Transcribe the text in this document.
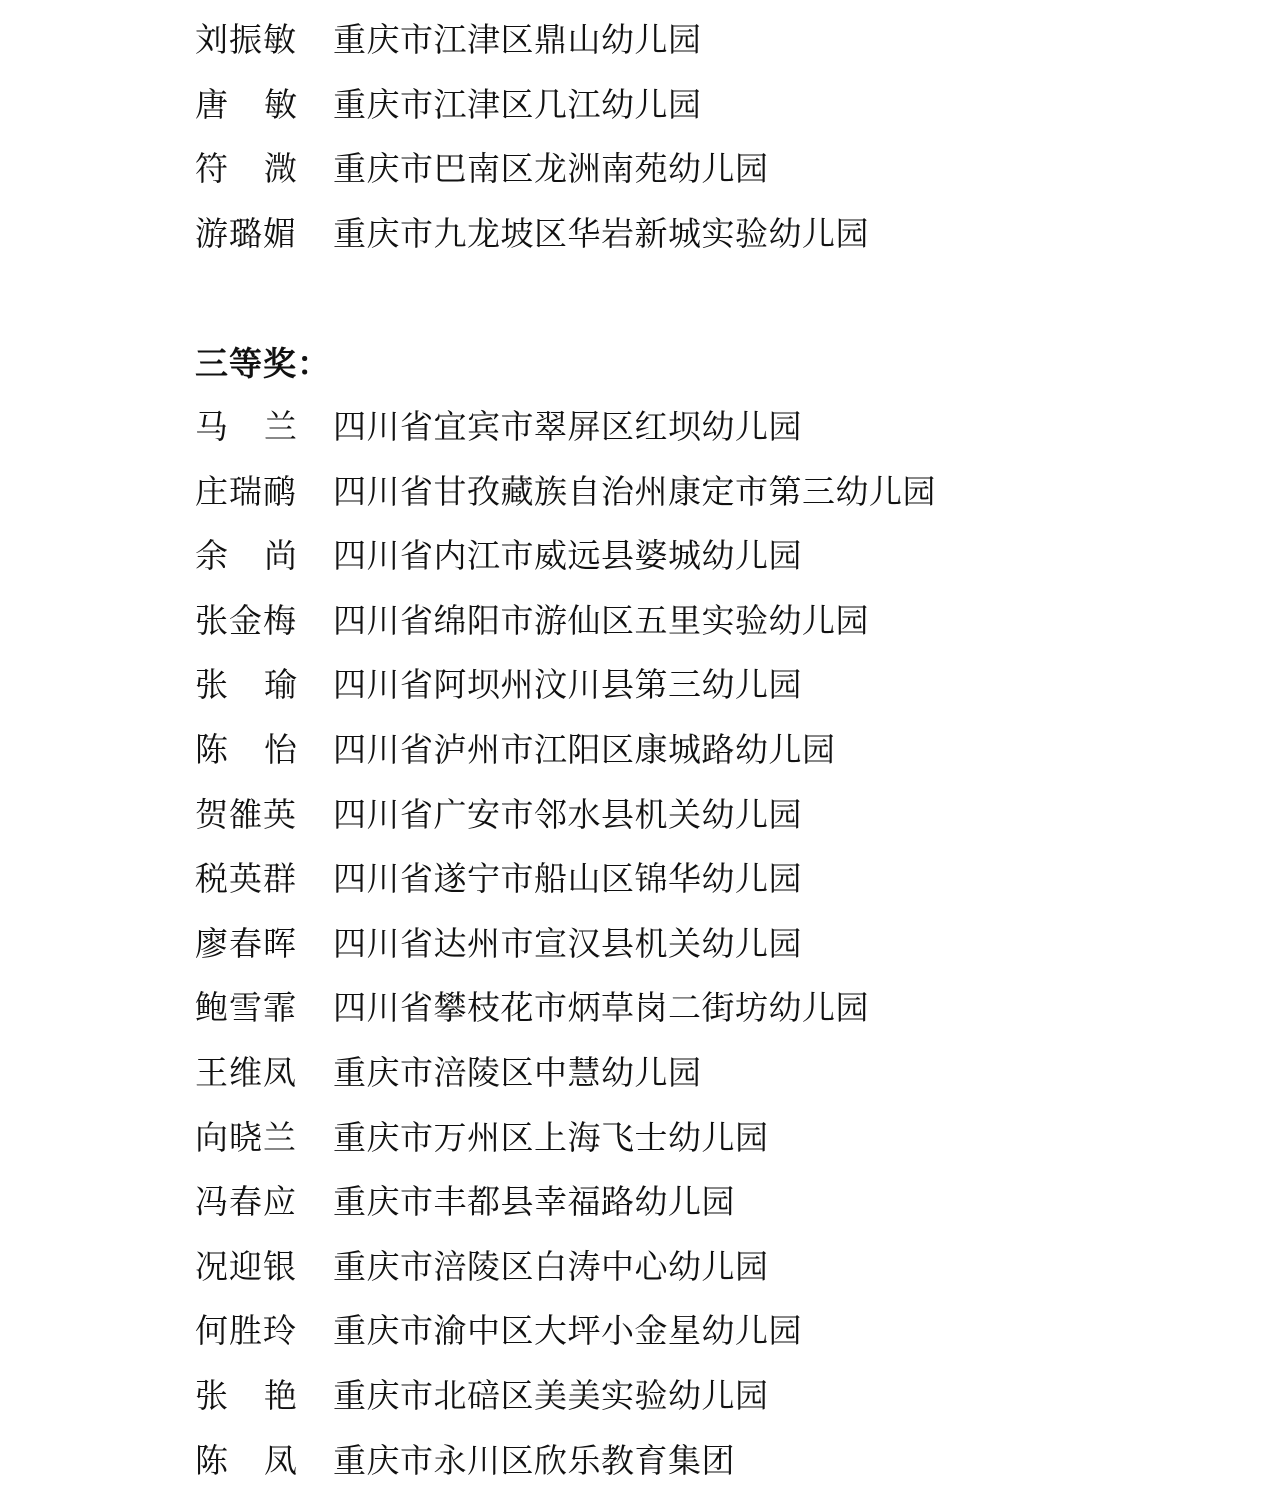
刘振敏 重庆市江津区鼎山幼儿园
唐 敏 重庆市江津区几江幼儿园
符 溦 重庆市巴南区龙洲南苑幼儿园
游璐媚 重庆市九龙坡区华岩新城实验幼儿园
三等奖：
马 兰 四川省宜宾市翠屏区红坝幼儿园
庄瑞鸸 四川省甘孜藏族自治州康定市第三幼儿园
余 尚 四川省内江市威远县婆城幼儿园
张金梅 四川省绵阳市游仙区五里实验幼儿园
张 瑜 四川省阿坝州汶川县第三幼儿园
陈 怡 四川省泸州市江阳区康城路幼儿园
贺雒英 四川省广安市邻水县机关幼儿园
税英群 四川省遂宁市船山区锦华幼儿园
廖春晖 四川省达州市宣汉县机关幼儿园
鲍雪霏 四川省攀枝花市炳草岗二街坊幼儿园
王维凤 重庆市涪陵区中慧幼儿园
向晓兰 重庆市万州区上海飞士幼儿园
冯春应 重庆市丰都县幸福路幼儿园
况迎银 重庆市涪陵区白涛中心幼儿园
何胜玲 重庆市渝中区大坪小金星幼儿园
张 艳 重庆市北碚区美美实验幼儿园
陈 凤 重庆市永川区欣乐教育集团
